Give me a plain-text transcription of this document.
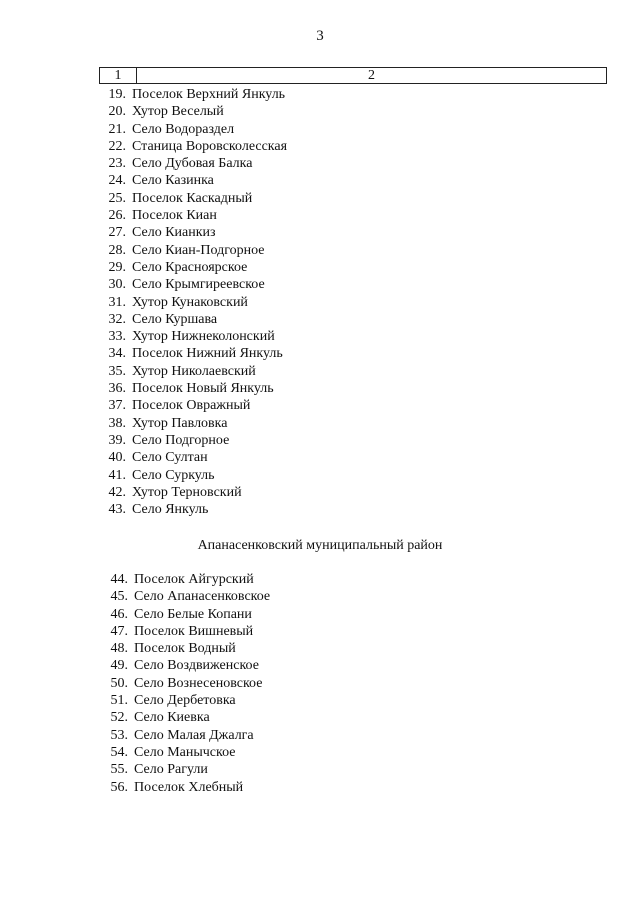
3
1	2
19. Поселок Верхний Янкуль
20. Хутор Веселый
21. Село Водораздел
22. Станица Воровсколесская
23. Село Дубовая Балка
24. Село Казинка
25. Поселок Каскадный
26. Поселок Киан
27. Село Кианкиз
28. Село Киан-Подгорное
29. Село Красноярское
30. Село Крымгиреевское
31. Хутор Кунаковский
32. Село Куршава
33. Хутор Нижнеколонский
34. Поселок Нижний Янкуль
35. Хутор Николаевский
36. Поселок Новый Янкуль
37. Поселок Овражный
38. Хутор Павловка
39. Село Подгорное
40. Село Султан
41. Село Суркуль
42. Хутор Терновский
43. Село Янкуль
Апанасенковский муниципальный район
44. Поселок Айгурский
45. Село Апанасенковское
46. Село Белые Копани
47. Поселок Вишневый
48. Поселок Водный
49. Село Воздвиженское
50. Село Вознесеновское
51. Село Дербетовка
52. Село Киевка
53. Село Малая Джалга
54. Село Манычское
55. Село Рагули
56. Поселок Хлебный
